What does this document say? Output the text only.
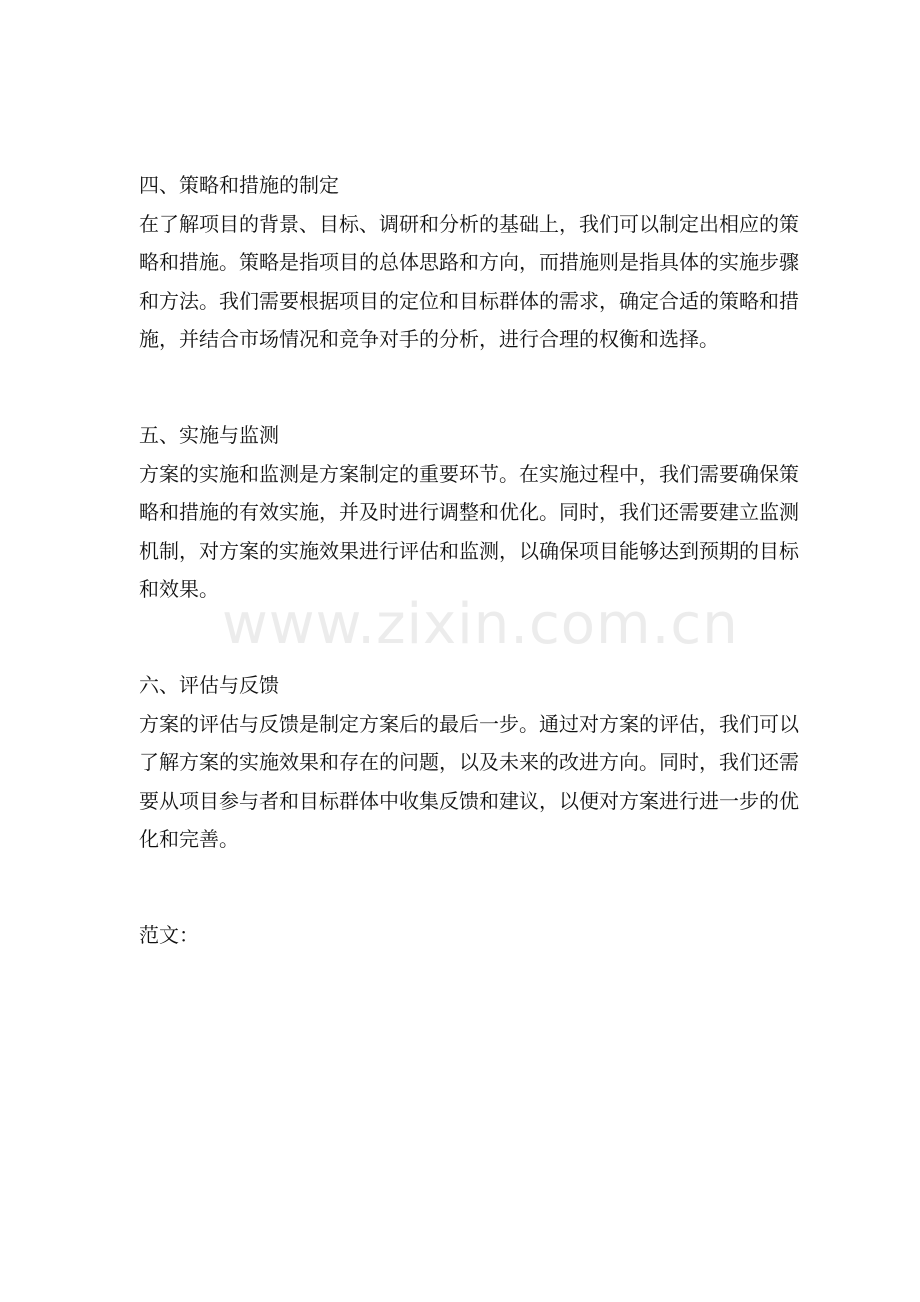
四、策略和措施的制定

在了解项目的背景、目标、调研和分析的基础上，我们可以制定出相应的策略和措施。策略是指项目的总体思路和方向，而措施则是指具体的实施步骤和方法。我们需要根据项目的定位和目标群体的需求，确定合适的策略和措施，并结合市场情况和竞争对手的分析，进行合理的权衡和选择。

五、实施与监测

方案的实施和监测是方案制定的重要环节。在实施过程中，我们需要确保策略和措施的有效实施，并及时进行调整和优化。同时，我们还需要建立监测机制，对方案的实施效果进行评估和监测，以确保项目能够达到预期的目标和效果。

六、评估与反馈

方案的评估与反馈是制定方案后的最后一步。通过对方案的评估，我们可以了解方案的实施效果和存在的问题，以及未来的改进方向。同时，我们还需要从项目参与者和目标群体中收集反馈和建议，以便对方案进行进一步的优化和完善。

范文：

www.zixin.com.cn
